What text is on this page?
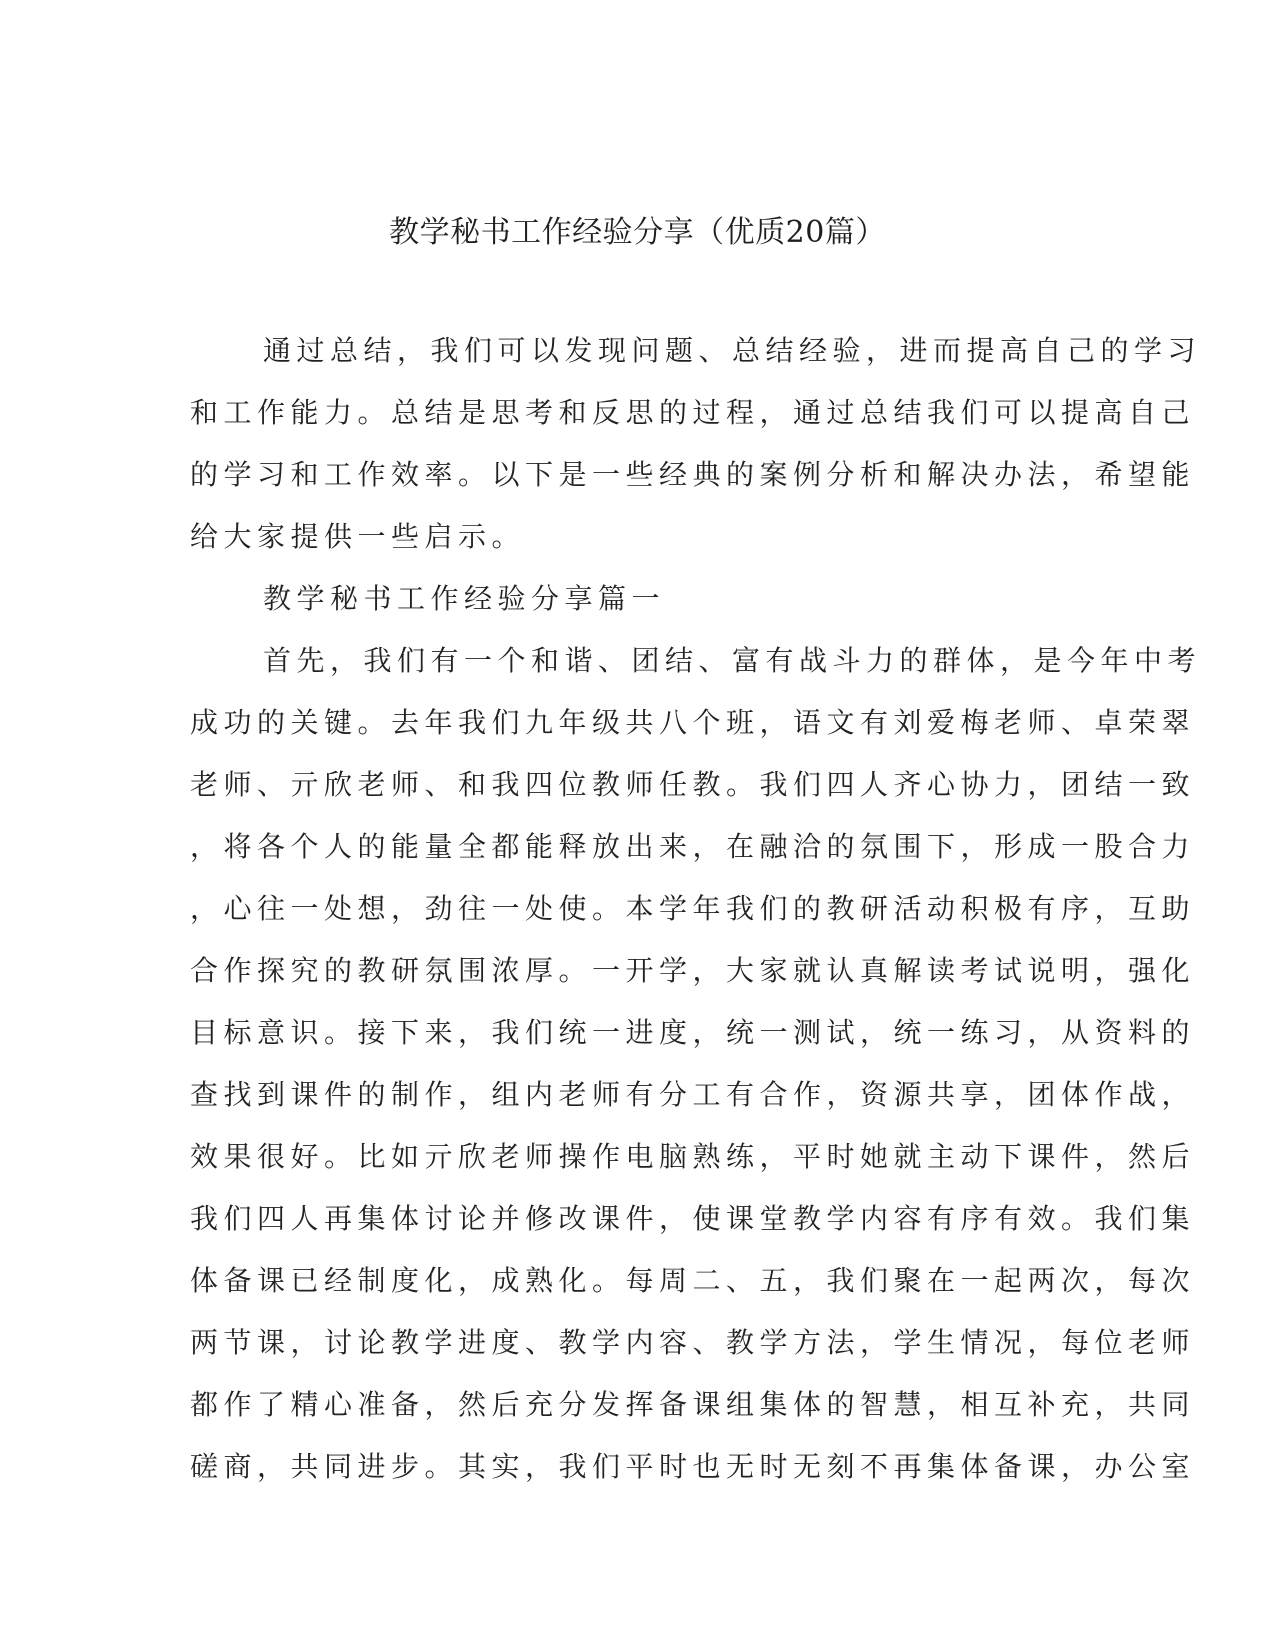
教学秘书工作经验分享（优质20篇）
通过总结，我们可以发现问题、总结经验，进而提高自己的学习
和工作能力。总结是思考和反思的过程，通过总结我们可以提高自己
的学习和工作效率。以下是一些经典的案例分析和解决办法，希望能
给大家提供一些启示。
教学秘书工作经验分享篇一
首先，我们有一个和谐、团结、富有战斗力的群体，是今年中考
成功的关键。去年我们九年级共八个班，语文有刘爱梅老师、卓荣翠
老师、亓欣老师、和我四位教师任教。我们四人齐心协力，团结一致
，将各个人的能量全都能释放出来，在融洽的氛围下，形成一股合力
，心往一处想，劲往一处使。本学年我们的教研活动积极有序，互助
合作探究的教研氛围浓厚。一开学，大家就认真解读考试说明，强化
目标意识。接下来，我们统一进度，统一测试，统一练习，从资料的
查找到课件的制作，组内老师有分工有合作，资源共享，团体作战，
效果很好。比如亓欣老师操作电脑熟练，平时她就主动下课件，然后
我们四人再集体讨论并修改课件，使课堂教学内容有序有效。我们集
体备课已经制度化，成熟化。每周二、五，我们聚在一起两次，每次
两节课，讨论教学进度、教学内容、教学方法，学生情况，每位老师
都作了精心准备，然后充分发挥备课组集体的智慧，相互补充，共同
磋商，共同进步。其实，我们平时也无时无刻不再集体备课，办公室
